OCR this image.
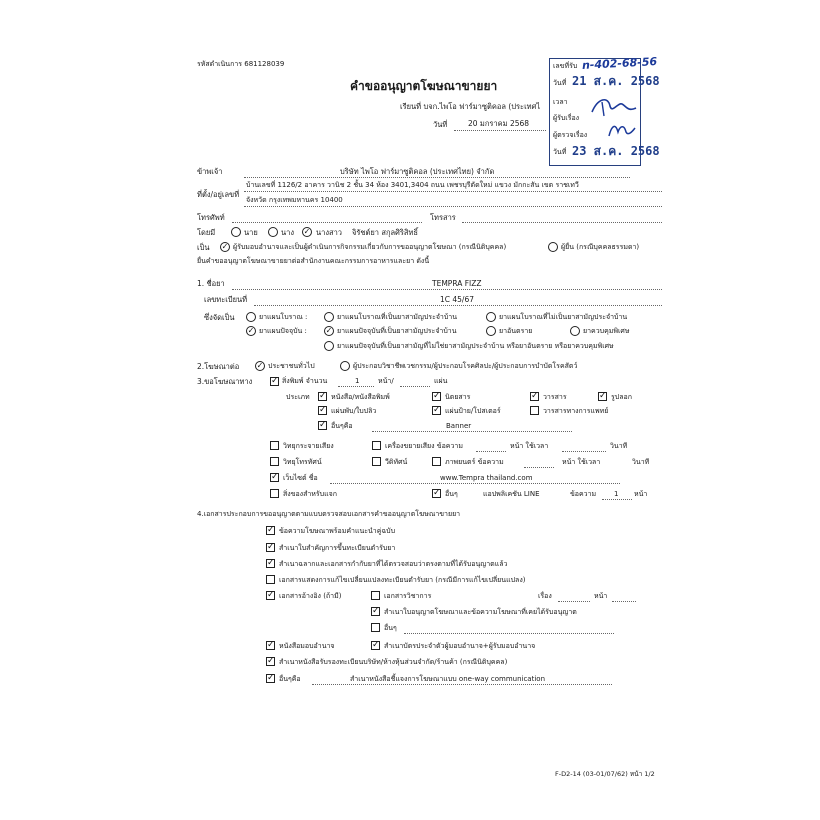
รหัสดำเนินการ 681128039
คำขออนุญาตโฆษณาขายยา
เรียนที่ บจก.ไพโอ ฟาร์มาซูติคอล (ประเทศไ
วันที่	20 มกราคม 2568
เลขที่รับ n-402-68-56
วันที่ 21 ส.ค. 2568
เวลา
ผู้รับเรื่อง
ผู้ตรวจเรื่อง
วันที่ 23 ส.ค. 2568
ข้าพเจ้า	บริษัท ไพโอ ฟาร์มาซูติคอล (ประเทศไทย) จำกัด
ที่ตั้ง/อยู่เลขที่
บ้านเลขที่ 1126/2 อาคาร วานิช 2 ชั้น 34 ห้อง 3401,3404 ถนน เพชรบุรีตัดใหม่ แขวง มักกะสัน เขต ราชเทวี
จังหวัด กรุงเทพมหานคร 10400
โทรศัพท์	โทรสาร
โดยมี	นาย	นาง ✓ นางสาว จิรัชต์ยา สกุลศิริสิทธิ์
เป็น ✓ ผู้รับมอบอำนาจและเป็นผู้ดำเนินการกิจกรรมเกี่ยวกับการขออนุญาตโฆษณา (กรณีนิติบุคคล)	ผู้ยื่น (กรณีบุคคลธรรมดา)
ยื่นคำขออนุญาตโฆษณาขายยาต่อสำนักงานคณะกรรมการอาหารและยา ดังนี้
1. ชื่อยา	TEMPRA FIZZ
เลขทะเบียนที่	1C 45/67
ซึ่งจัดเป็น	ยาแผนโบราณ :	ยาแผนโบราณที่เป็นยาสามัญประจำบ้าน	ยาแผนโบราณที่ไม่เป็นยาสามัญประจำบ้าน
✓ ยาแผนปัจจุบัน : ✓ ยาแผนปัจจุบันที่เป็นยาสามัญประจำบ้าน	ยาอันตราย	ยาควบคุมพิเศษ
ยาแผนปัจจุบันที่เป็นยาสามัญที่ไม่ใช่ยาสามัญประจำบ้าน หรือยาอันตราย หรือยาควบคุมพิเศษ
2.โฆษณาต่อ ✓ ประชาชนทั่วไป	ผู้ประกอบวิชาชีพเวชกรรม/ผู้ประกอบโรคศิลปะ/ผู้ประกอบการบำบัดโรคสัตว์
3.ขอโฆษณาทาง ✓ สิ่งพิมพ์ จำนวน	1	หน้า/	แผ่น
ประเภท ✓ หนังสือ/หนังสือพิมพ์	✓ นิตยสาร	✓ วารสาร	✓ รูปลอก
✓ แผ่นพับ/ใบปลิว	✓ แผ่นป้าย/โปสเตอร์	วารสารทางการแพทย์
✓ อื่นๆคือ	Banner
วิทยุกระจายเสียง	เครื่องขยายเสียง ข้อความ	หน้า ใช้เวลา	วินาที
วิทยุโทรทัศน์	วีดิทัศน์	ภาพยนตร์ ข้อความ	หน้า ใช้เวลา	วินาที
✓ เว็บไซต์ ชื่อ	www.Tempra thailand.com
สิ่งของสำหรับแจก	✓ อื่นๆ	แอปพลิเคชัน LINE	ข้อความ	1 หน้า
4.เอกสารประกอบการขออนุญาตตามแบบตรวจสอบเอกสารคำขออนุญาตโฆษณาขายยา
✓ ข้อความโฆษณาพร้อมคำแนะนำคู่ฉบับ
✓ สำเนาใบสำคัญการขึ้นทะเบียนตำรับยา
✓ สำเนาฉลากและเอกสารกำกับยาที่ได้ตรวจสอบว่าตรงตามที่ได้รับอนุญาตแล้ว
เอกสารแสดงการแก้ไขเปลี่ยนแปลงทะเบียนตำรับยา (กรณีมีการแก้ไขเปลี่ยนแปลง)
✓ เอกสารอ้างอิง (ถ้ามี)	เอกสารวิชาการ	เรื่อง	หน้า
✓ สำเนาใบอนุญาตโฆษณาและข้อความโฆษณาที่เคยได้รับอนุญาต
อื่นๆ
✓ หนังสือมอบอำนาจ	✓ สำเนาบัตรประจำตัวผู้มอบอำนาจ+ผู้รับมอบอำนาจ
✓ สำเนาหนังสือรับรองทะเบียนบริษัท/ห้างหุ้นส่วนจำกัด/ร้านค้า (กรณีนิติบุคคล)
✓ อื่นๆคือ	สำเนาหนังสือชี้แจงการโฆษณาแบบ one-way communication
F-D2-14 (03-01/07/62) หน้า 1/2
